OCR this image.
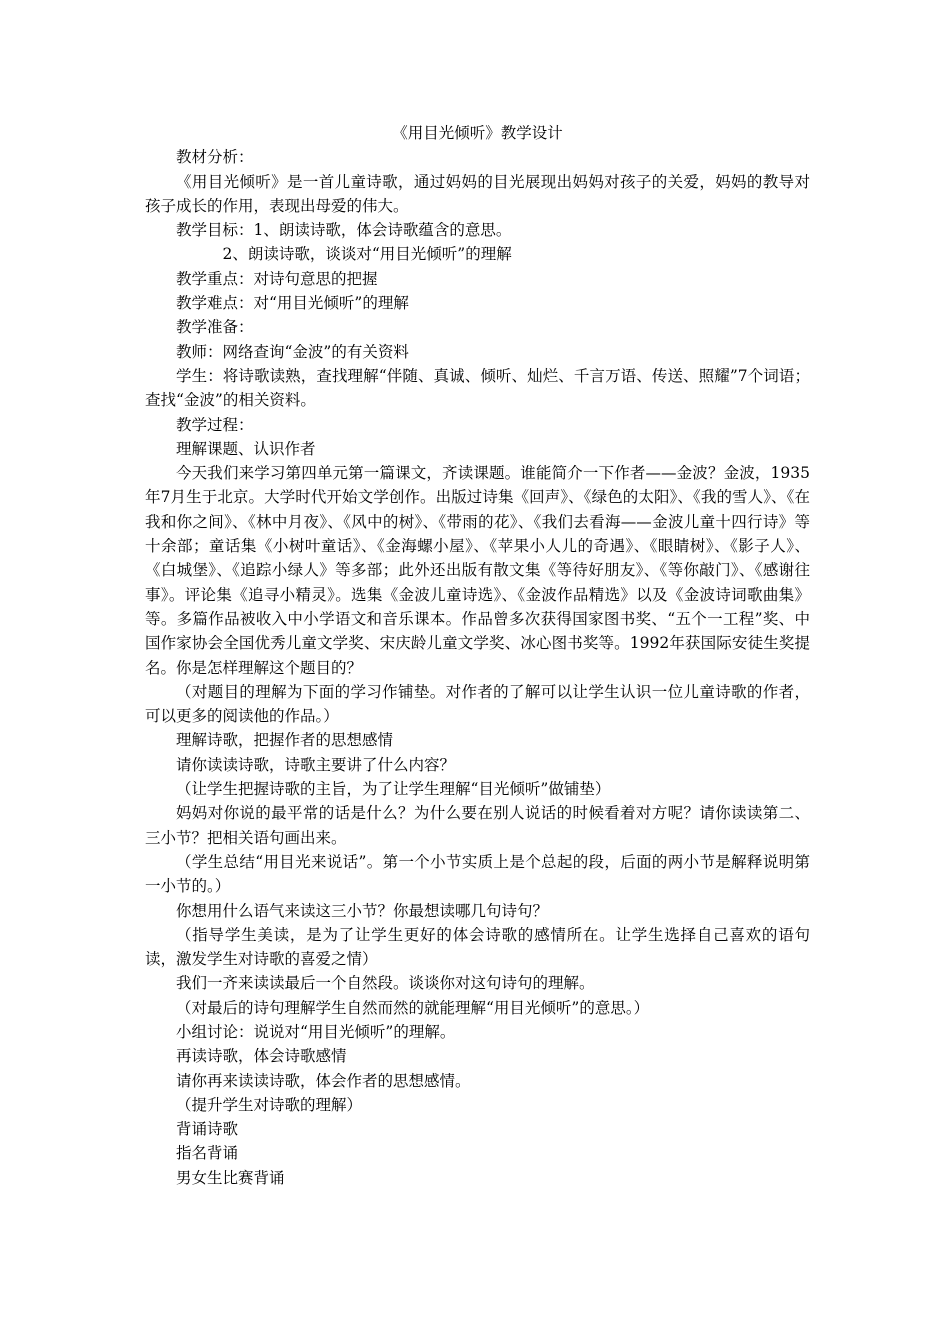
《用目光倾听》教学设计

教材分析：

《用目光倾听》是一首儿童诗歌，通过妈妈的目光展现出妈妈对孩子的关爱，妈妈的教导对孩子成长的作用，表现出母爱的伟大。

教学目标：1、朗读诗歌，体会诗歌蕴含的意思。

2、朗读诗歌，谈谈对“用目光倾听”的理解

教学重点：对诗句意思的把握

教学难点：对“用目光倾听”的理解

教学准备：

教师：网络查询“金波”的有关资料

学生：将诗歌读熟，查找理解“伴随、真诚、倾听、灿烂、千言万语、传送、照耀”7个词语；查找“金波”的相关资料。

教学过程：

理解课题、认识作者

今天我们来学习第四单元第一篇课文，齐读课题。谁能简介一下作者——金波？金波，1935年7月生于北京。大学时代开始文学创作。出版过诗集《回声》、《绿色的太阳》、《我的雪人》、《在我和你之间》、《林中月夜》、《风中的树》、《带雨的花》、《我们去看海——金波儿童十四行诗》等十余部；童话集《小树叶童话》、《金海螺小屋》、《苹果小人儿的奇遇》、《眼睛树》、《影子人》、《白城堡》、《追踪小绿人》等多部；此外还出版有散文集《等待好朋友》、《等你敲门》、《感谢往事》。评论集《追寻小精灵》。选集《金波儿童诗选》、《金波作品精选》以及《金波诗词歌曲集》等。多篇作品被收入中小学语文和音乐课本。作品曾多次获得国家图书奖、“五个一工程”奖、中国作家协会全国优秀儿童文学奖、宋庆龄儿童文学奖、冰心图书奖等。1992年获国际安徒生奖提名。你是怎样理解这个题目的？

（对题目的理解为下面的学习作铺垫。对作者的了解可以让学生认识一位儿童诗歌的作者，可以更多的阅读他的作品。）

理解诗歌，把握作者的思想感情

请你读读诗歌，诗歌主要讲了什么内容？

（让学生把握诗歌的主旨，为了让学生理解“目光倾听”做铺垫）

妈妈对你说的最平常的话是什么？为什么要在别人说话的时候看着对方呢？请你读读第二、三小节？把相关语句画出来。

（学生总结“用目光来说话”。第一个小节实质上是个总起的段，后面的两小节是解释说明第一小节的。）

你想用什么语气来读这三小节？你最想读哪几句诗句？

（指导学生美读，是为了让学生更好的体会诗歌的感情所在。让学生选择自己喜欢的语句读，激发学生对诗歌的喜爱之情）

我们一齐来读读最后一个自然段。谈谈你对这句诗句的理解。

（对最后的诗句理解学生自然而然的就能理解“用目光倾听”的意思。）

小组讨论：说说对“用目光倾听”的理解。

再读诗歌，体会诗歌感情

请你再来读读诗歌，体会作者的思想感情。

（提升学生对诗歌的理解）

背诵诗歌

指名背诵

男女生比赛背诵
